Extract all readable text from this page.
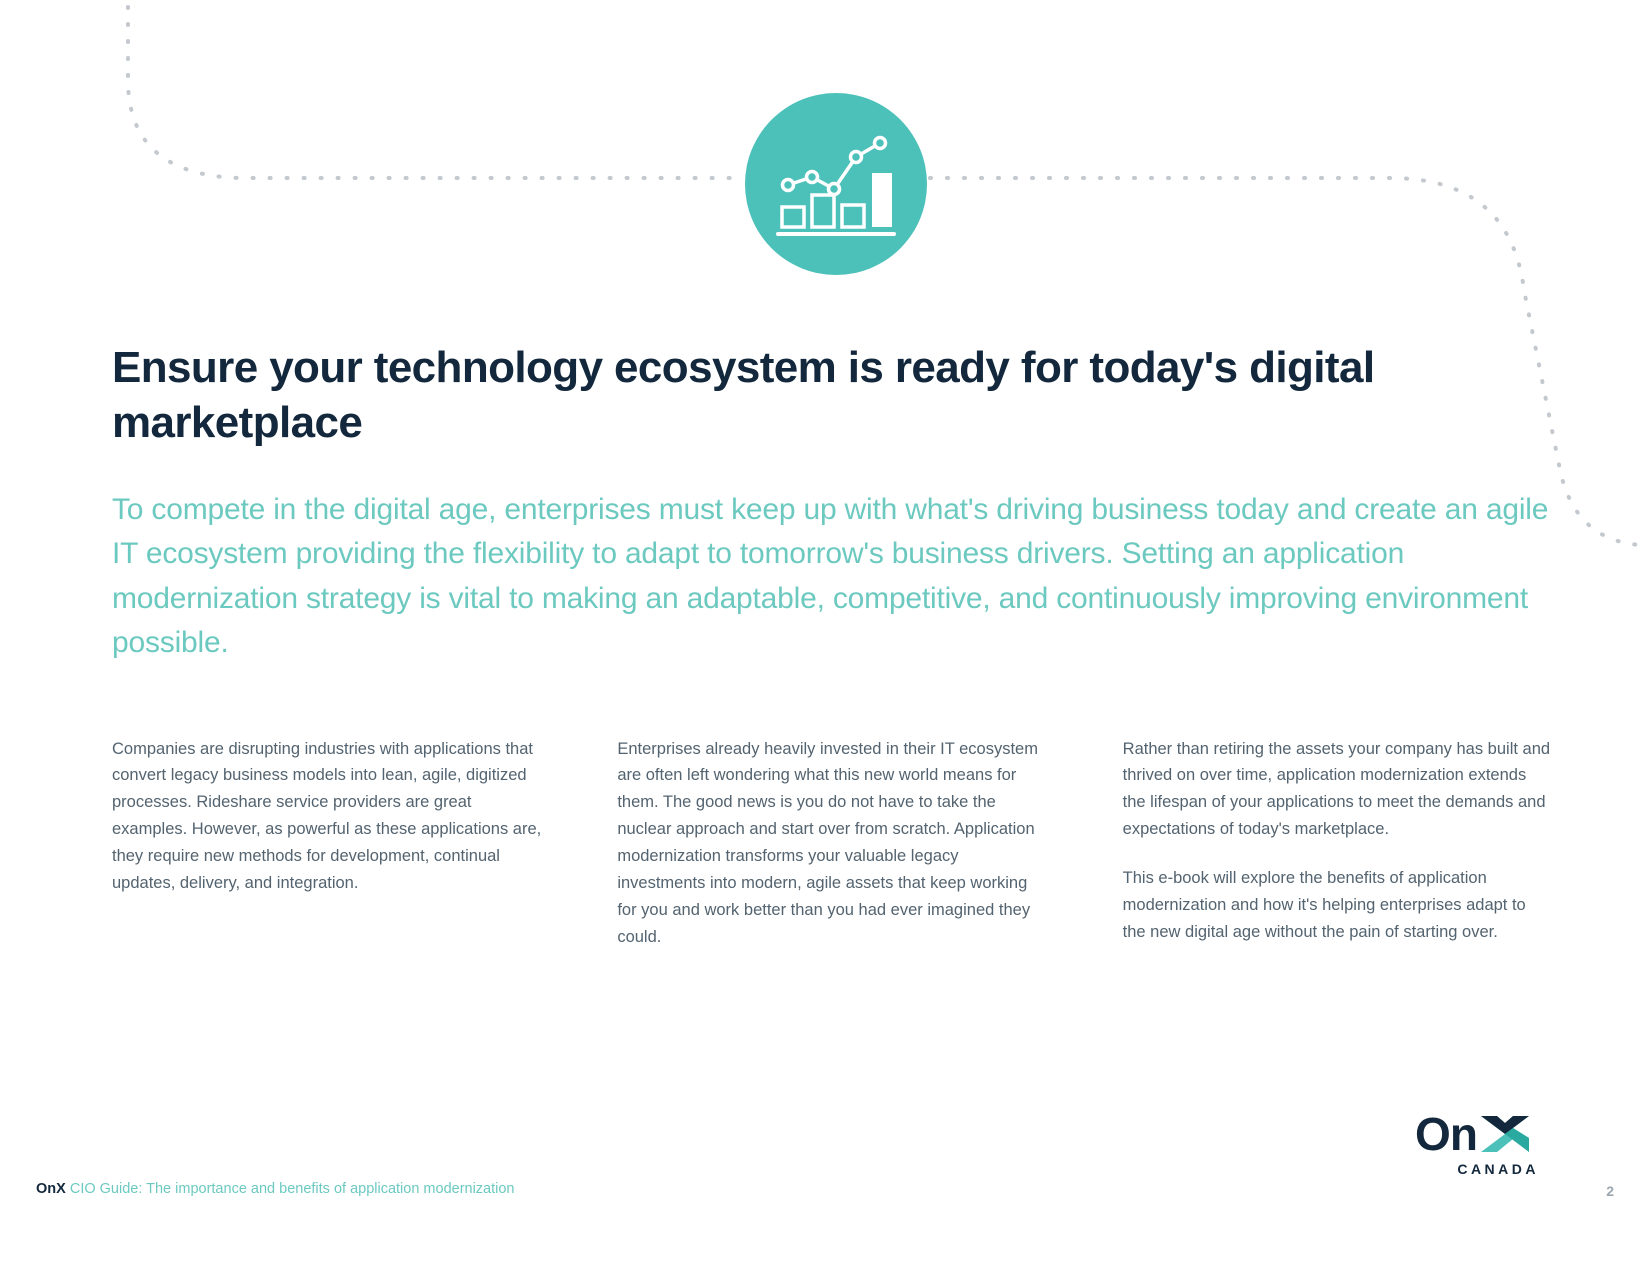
Ensure your technology ecosystem is ready for today's digital marketplace

To compete in the digital age, enterprises must keep up with what's driving business today and create an agile IT ecosystem providing the flexibility to adapt to tomorrow's business drivers. Setting an application modernization strategy is vital to making an adaptable, competitive, and continuously improving environment possible.

Companies are disrupting industries with applications that convert legacy business models into lean, agile, digitized processes. Rideshare service providers are great examples. However, as powerful as these applications are, they require new methods for development, continual updates, delivery, and integration.

Enterprises already heavily invested in their IT ecosystem are often left wondering what this new world means for them. The good news is you do not have to take the nuclear approach and start over from scratch. Application modernization transforms your valuable legacy investments into modern, agile assets that keep working for you and work better than you had ever imagined they could.

Rather than retiring the assets your company has built and thrived on over time, application modernization extends the lifespan of your applications to meet the demands and expectations of today's marketplace.

This e-book will explore the benefits of application modernization and how it's helping enterprises adapt to the new digital age without the pain of starting over.

On
CANADA
OnX CIO Guide: The importance and benefits of application modernization	2
